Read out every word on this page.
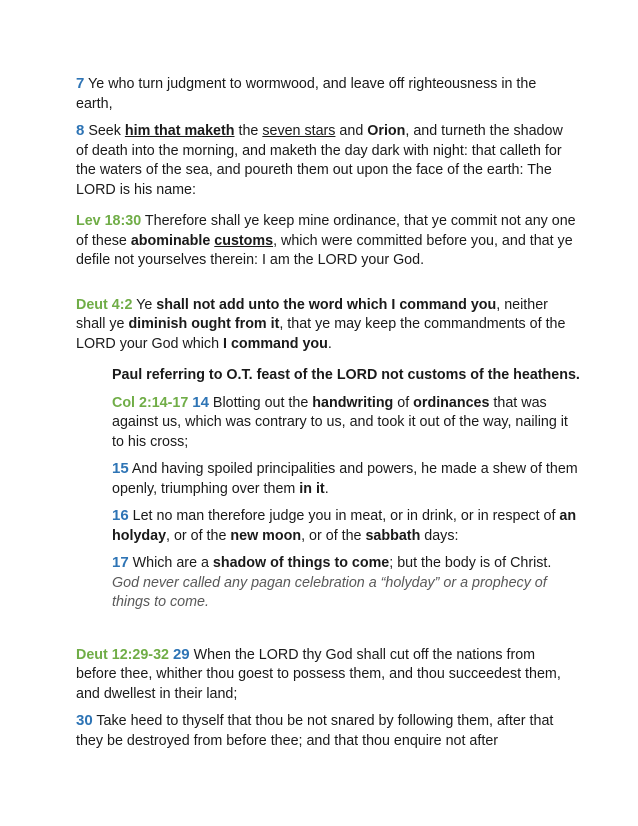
7 Ye who turn judgment to wormwood, and leave off righteousness in the earth,

8 Seek him that maketh the seven stars and Orion, and turneth the shadow of death into the morning, and maketh the day dark with night: that calleth for the waters of the sea, and poureth them out upon the face of the earth: The LORD is his name:

Lev 18:30 Therefore shall ye keep mine ordinance, that ye commit not any one of these abominable customs, which were committed before you, and that ye defile not yourselves therein: I am the LORD your God.

Deut 4:2 Ye shall not add unto the word which I command you, neither shall ye diminish ought from it, that ye may keep the commandments of the LORD your God which I command you.

Paul referring to O.T. feast of the LORD not customs of the heathens.

Col 2:14-17 14 Blotting out the handwriting of ordinances that was against us, which was contrary to us, and took it out of the way, nailing it to his cross;

15 And having spoiled principalities and powers, he made a shew of them openly, triumphing over them in it.

16 Let no man therefore judge you in meat, or in drink, or in respect of an holyday, or of the new moon, or of the sabbath days:

17 Which are a shadow of things to come; but the body is of Christ.

God never called any pagan celebration a “holyday” or a prophecy of things to come.

Deut 12:29-32 29 When the LORD thy God shall cut off the nations from before thee, whither thou goest to possess them, and thou succeedest them, and dwellest in their land;

30 Take heed to thyself that thou be not snared by following them, after that they be destroyed from before thee; and that thou enquire not after
